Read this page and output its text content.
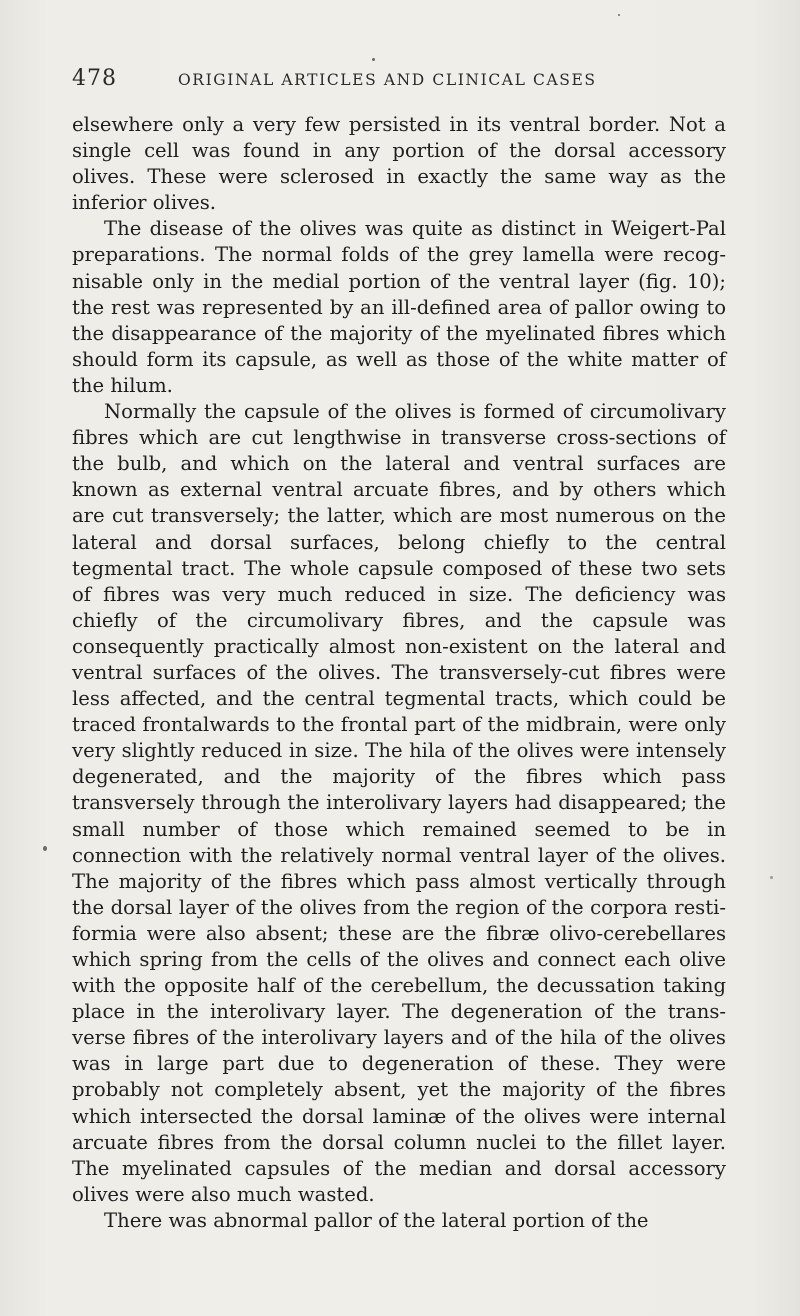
478	ORIGINAL ARTICLES AND CLINICAL CASES

elsewhere only a very few persisted in its ventral border. Not a single cell was found in any portion of the dorsal accessory olives. These were sclerosed in exactly the same way as the inferior olives.

The disease of the olives was quite as distinct in Weigert-Pal preparations. The normal folds of the grey lamella were recognisable only in the medial portion of the ventral layer (fig. 10); the rest was represented by an ill-defined area of pallor owing to the disappearance of the majority of the myelinated fibres which should form its capsule, as well as those of the white matter of the hilum.

Normally the capsule of the olives is formed of circumolivary fibres which are cut lengthwise in transverse cross-sections of the bulb, and which on the lateral and ventral surfaces are known as external ventral arcuate fibres, and by others which are cut transversely; the latter, which are most numerous on the lateral and dorsal surfaces, belong chiefly to the central tegmental tract. The whole capsule composed of these two sets of fibres was very much reduced in size. The deficiency was chiefly of the circumolivary fibres, and the capsule was consequently practically almost non-existent on the lateral and ventral surfaces of the olives. The transversely-cut fibres were less affected, and the central tegmental tracts, which could be traced frontalwards to the frontal part of the midbrain, were only very slightly reduced in size. The hila of the olives were intensely degenerated, and the majority of the fibres which pass transversely through the interolivary layers had disappeared; the small number of those which remained seemed to be in connection with the relatively normal ventral layer of the olives. The majority of the fibres which pass almost vertically through the dorsal layer of the olives from the region of the corpora restiformia were also absent; these are the fibræ olivo-cerebellares which spring from the cells of the olives and connect each olive with the opposite half of the cerebellum, the decussation taking place in the interolivary layer. The degeneration of the transverse fibres of the interolivary layers and of the hila of the olives was in large part due to degeneration of these. They were probably not completely absent, yet the majority of the fibres which intersected the dorsal laminæ of the olives were internal arcuate fibres from the dorsal column nuclei to the fillet layer. The myelinated capsules of the median and dorsal accessory olives were also much wasted.

There was abnormal pallor of the lateral portion of the
